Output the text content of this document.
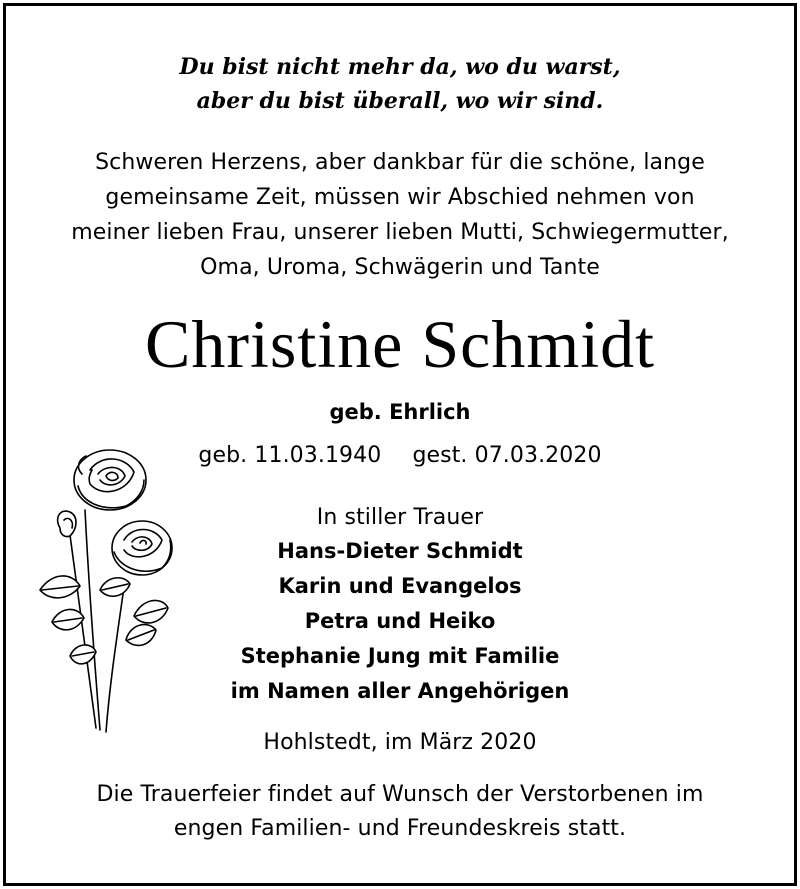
Du bist nicht mehr da, wo du warst,
aber du bist überall, wo wir sind.
Schweren Herzens, aber dankbar für die schöne, lange
gemeinsame Zeit, müssen wir Abschied nehmen von
meiner lieben Frau, unserer lieben Mutti, Schwiegermutter,
Oma, Uroma, Schwägerin und Tante
Christine Schmidt
geb. Ehrlich
geb. 11.03.1940 gest. 07.03.2020
In stiller Trauer
Hans-Dieter Schmidt
Karin und Evangelos
Petra und Heiko
Stephanie Jung mit Familie
im Namen aller Angehörigen
Hohlstedt, im März 2020
Die Trauerfeier findet auf Wunsch der Verstorbenen im
engen Familien- und Freundeskreis statt.
